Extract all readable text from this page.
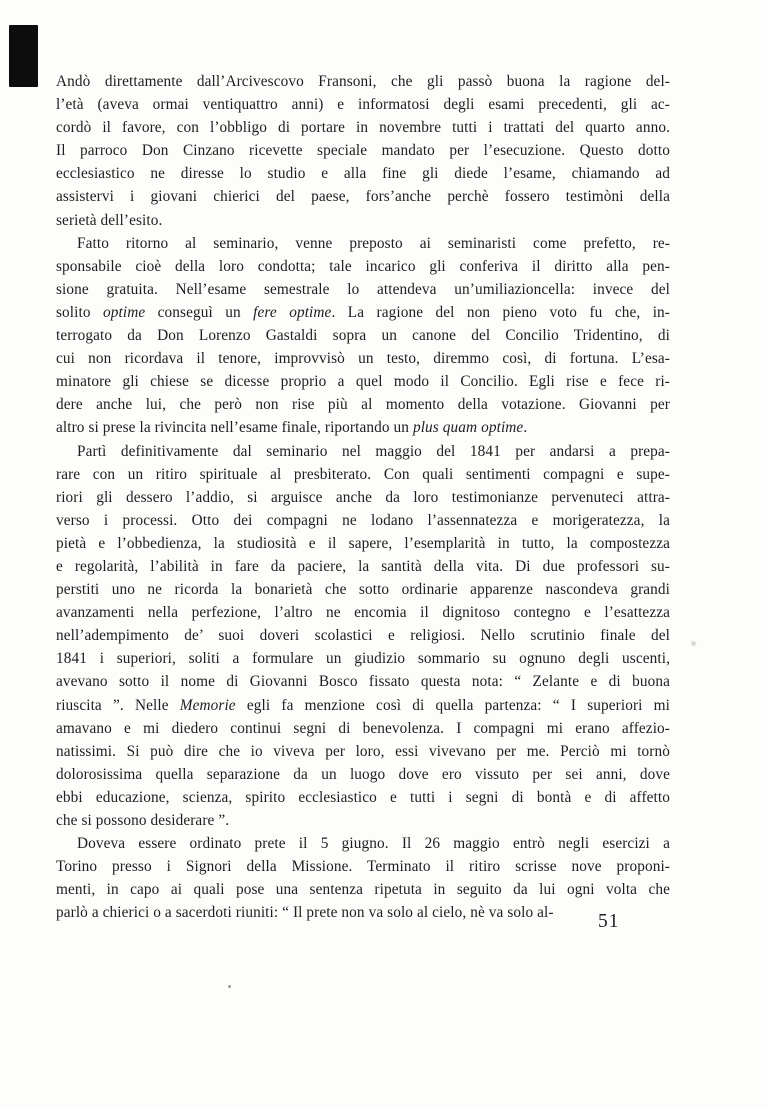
Andò direttamente dall’Arcivescovo Fransoni, che gli passò buona la ragione del-
l’età (aveva ormai ventiquattro anni) e informatosi degli esami precedenti, gli ac-
cordò il favore, con l’obbligo di portare in novembre tutti i trattati del quarto anno.
Il parroco Don Cinzano ricevette speciale mandato per l’esecuzione. Questo dotto
ecclesiastico ne diresse lo studio e alla fine gli diede l’esame, chiamando ad
assistervi i giovani chierici del paese, fors’anche perchè fossero testimòni della
serietà dell’esito.

Fatto ritorno al seminario, venne preposto ai seminaristi come prefetto, re-
sponsabile cioè della loro condotta; tale incarico gli conferiva il diritto alla pen-
sione gratuita. Nell’esame semestrale lo attendeva un’umiliazioncella: invece del
solito optime conseguì un fere optime. La ragione del non pieno voto fu che, in-
terrogato da Don Lorenzo Gastaldi sopra un canone del Concilio Tridentino, di
cui non ricordava il tenore, improvvisò un testo, diremmo così, di fortuna. L’esa-
minatore gli chiese se dicesse proprio a quel modo il Concilio. Egli rise e fece ri-
dere anche lui, che però non rise più al momento della votazione. Giovanni per
altro si prese la rivincita nell’esame finale, riportando un plus quam optime.

Partì definitivamente dal seminario nel maggio del 1841 per andarsi a prepa-
rare con un ritiro spirituale al presbiterato. Con quali sentimenti compagni e supe-
riori gli dessero l’addio, si arguisce anche da loro testimonianze pervenuteci attra-
verso i processi. Otto dei compagni ne lodano l’assennatezza e morigeratezza, la
pietà e l’obbedienza, la studiosità e il sapere, l’esemplarità in tutto, la compostezza
e regolarità, l’abilità in fare da paciere, la santità della vita. Di due professori su-
perstiti uno ne ricorda la bonarietà che sotto ordinarie apparenze nascondeva grandi
avanzamenti nella perfezione, l’altro ne encomia il dignitoso contegno e l’esattezza
nell’adempimento de’ suoi doveri scolastici e religiosi. Nello scrutinio finale del
1841 i superiori, soliti a formulare un giudizio sommario su ognuno degli uscenti,
avevano sotto il nome di Giovanni Bosco fissato questa nota: “ Zelante e di buona
riuscita ”. Nelle Memorie egli fa menzione così di quella partenza: “ I superiori mi
amavano e mi diedero continui segni di benevolenza. I compagni mi erano affezio-
natissimi. Si può dire che io viveva per loro, essi vivevano per me. Perciò mi tornò
dolorosissima quella separazione da un luogo dove ero vissuto per sei anni, dove
ebbi educazione, scienza, spirito ecclesiastico e tutti i segni di bontà e di affetto
che si possono desiderare ”.

Doveva essere ordinato prete il 5 giugno. Il 26 maggio entrò negli esercizi a
Torino presso i Signori della Missione. Terminato il ritiro scrisse nove proponi-
menti, in capo ai quali pose una sentenza ripetuta in seguito da lui ogni volta che
parlò a chierici o a sacerdoti riuniti: “ Il prete non va solo al cielo, nè va solo al-	51
